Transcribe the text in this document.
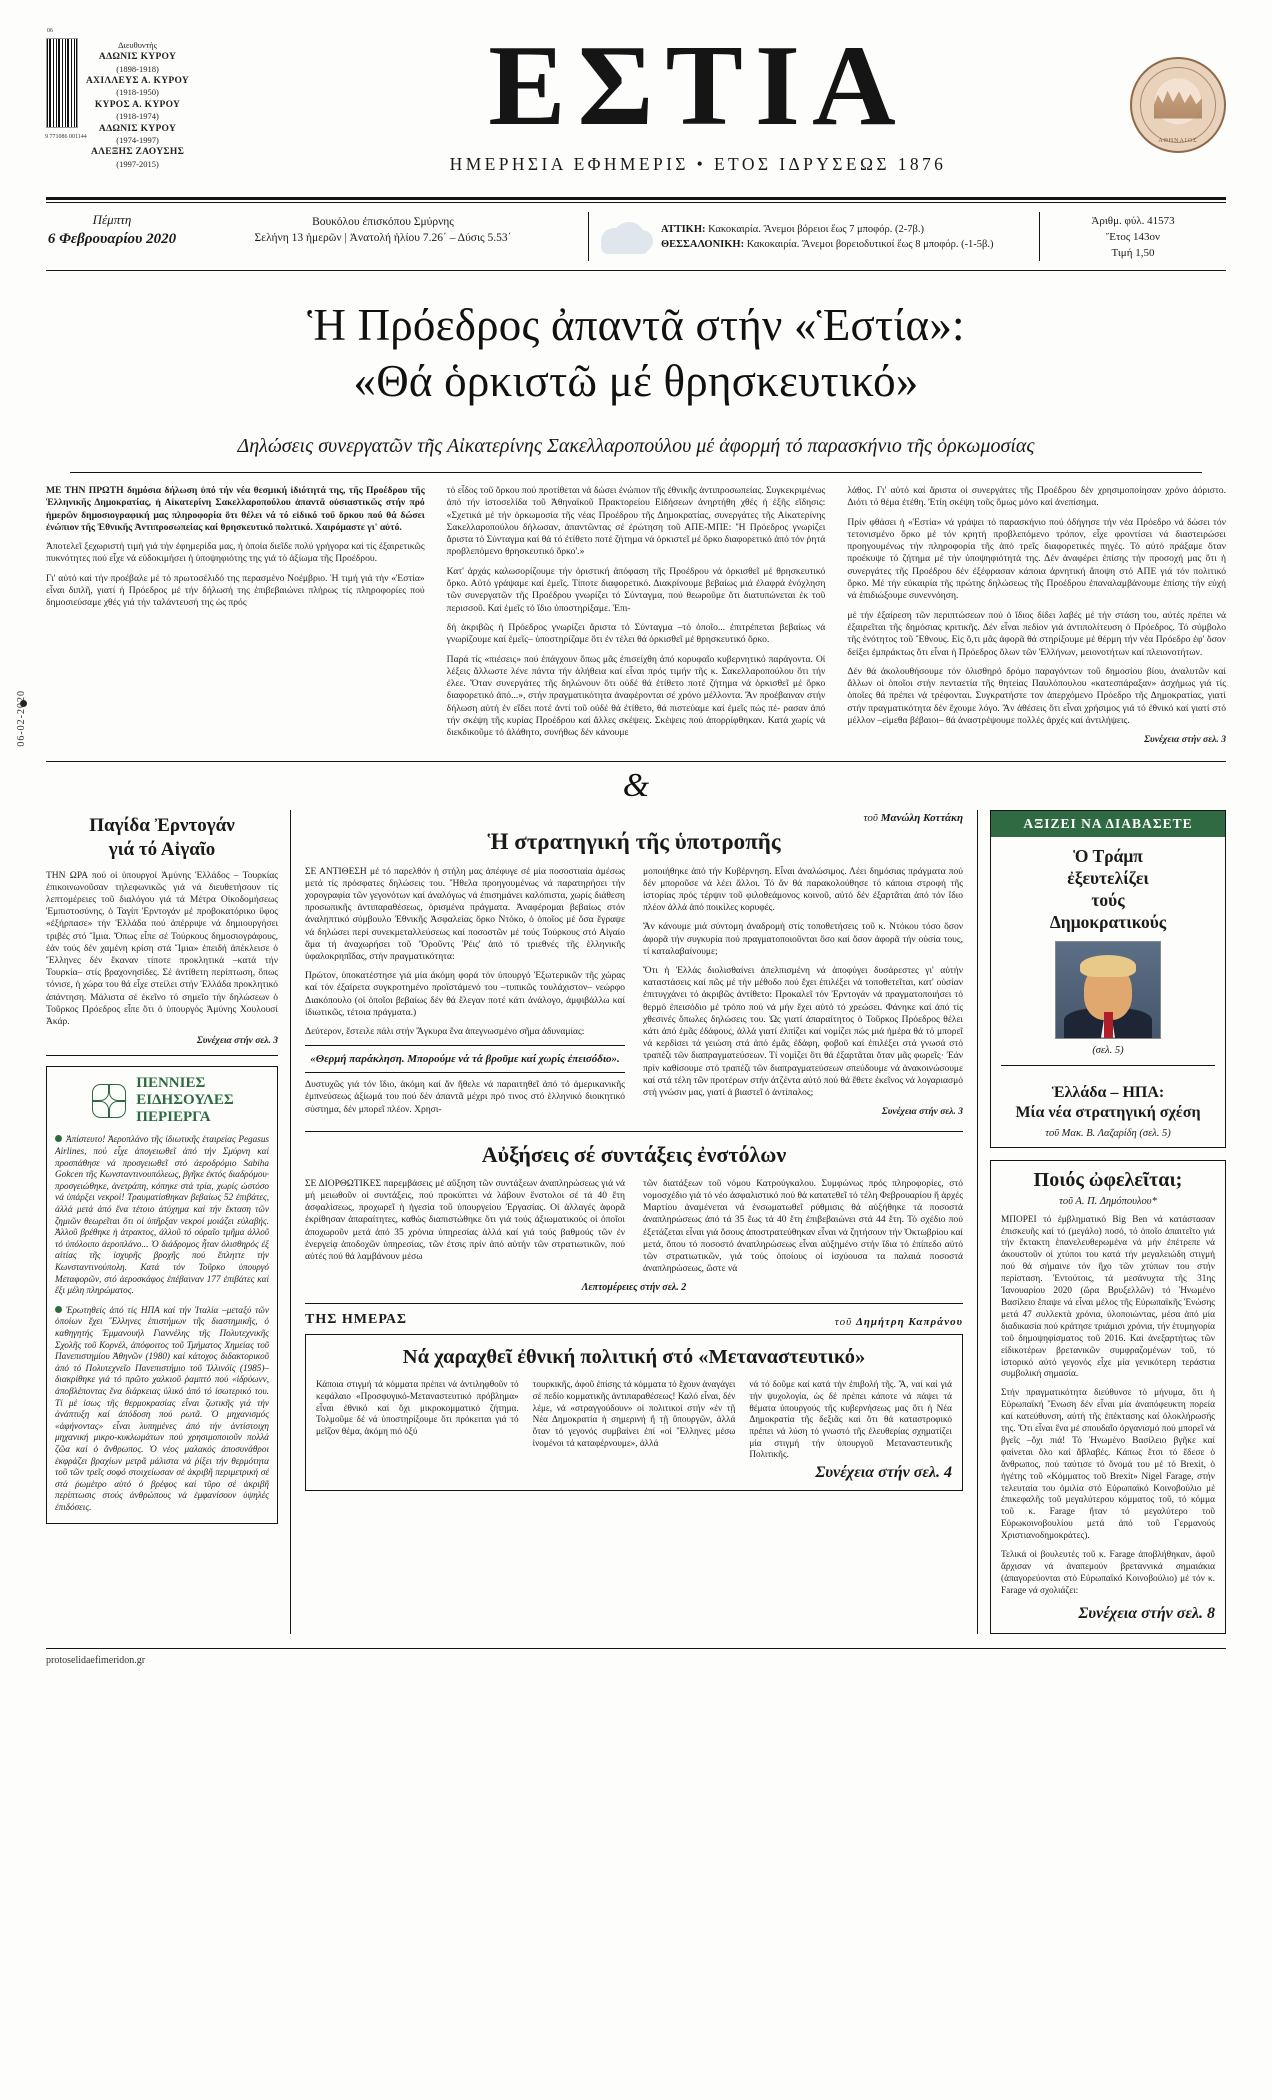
06-02-2020
06
9 771086 001144
Διευθυντής
ΑΔΩΝΙΣ ΚΥΡΟΥ
(1898-1918)
ΑΧΙΛΛΕΥΣ Α. ΚΥΡΟΥ
(1918-1950)
ΚΥΡΟΣ Α. ΚΥΡΟΥ
(1918-1974)
ΑΔΩΝΙΣ ΚΥΡΟΥ
(1974-1997)
ΑΛΕΞΗΣ ΖΑΟΥΣΗΣ
(1997-2015)
ΕΣΤΙΑ
ΗΜΕΡΗΣΙΑ ΕΦΗΜΕΡΙΣ • ΕΤΟΣ ΙΔΡΥΣΕΩΣ 1876
ΑΘΗΝΑΙΟΣ
Πέμπτη
6 Φεβρουαρίου 2020
Βουκόλου ἐπισκόπου Σμύρνης
Σελήνη 13 ἡμερῶν | Ἀνατολή ἡλίου 7.26΄ – Δύσις 5.53΄
ΑΤΤΙΚΗ: Κακοκαιρία. Ἄνεμοι βόρειοι ἕως 7 μποφόρ. (2-7β.)
ΘΕΣΣΑΛΟΝΙΚΗ: Κακοκαιρία. Ἄνεμοι βορειοδυτικοί ἕως 8 μποφόρ. (-1-5β.)
Ἀριθμ. φύλ. 41573
Ἔτος 143ον
Τιμή 1,50
Ἡ Πρόεδρος ἀπαντᾶ στήν «Ἑστία»:
«Θά ὁρκιστῶ μέ θρησκευτικό»
Δηλώσεις συνεργατῶν τῆς Αἰκατερίνης Σακελλαροπούλου μέ ἀφορμή τό παρασκήνιο τῆς ὁρκωμοσίας

ΜΕ ΤΗΝ ΠΡΩΤΗ δημόσια δήλωση ὑπό τήν νέα θεσμική ἰδιότητά της, τῆς Προέδρου τῆς Ἑλληνικῆς Δημοκρατίας, ἡ Αἰκατερίνη Σακελλαροπούλου ἀπαντᾶ οὐσιαστικῶς στήν πρό ἡμερῶν δημοσιογραφική μας πληροφορία ὅτι θέλει νά τό εἰδικό τοῦ ὅρκου πού θά δώσει ἐνώπιον τῆς Ἐθνικῆς Ἀντιπροσωπείας καί θρησκευτικό πολιτικό. Χαιρόμαστε γι' αὐτό.

Ἀποτελεῖ ξεχωριστή τιμή γιά τήν ἐφημερίδα μας, ἡ ὁποία διεῖδε πολύ γρήγορα καί τίς ἐξαιρετικῶς πυκνότητες πού εἶχε νά εὐδοκιμήσει ἡ ὑποψηφιότης της γιά τό ἀξίωμα τῆς Προέδρου.

Γι' αὐτό καί τήν προέβαλε μέ τό πρωτοσέλιδό της περασμένο Νοέμβριο. Ἡ τιμή γιά τήν «Ἑστία» εἶναι διπλῆ, γιατί ἡ Πρόεδρος μέ τήν δήλωσή της ἐπιβεβαιώνει πλήρως τίς πληροφορίες πού δημοσιεύσαμε χθές γιά τήν ταλάντευσή της ὡς πρός

τό εἶδος τοῦ ὅρκου πού προτίθεται νά δώσει ἐνώπιον τῆς ἐθνικῆς ἀντιπροσωπείας. Συγκεκριμένως ἀπό τήν ἱστοσελίδα τοῦ Ἀθηναϊκοῦ Πρακτορείου Εἰδήσεων ἀνηρτήθη χθές ἡ ἑξῆς εἴδησις: «Σχετικά μέ τήν ὁρκωμοσία τῆς νέας Προέδρου τῆς Δημοκρατίας, συνεργάτες τῆς Αἰκατερίνης Σακελλαροπούλου δήλωσαν, ἀπαντῶντας σέ ἐρώτηση τοῦ ΑΠΕ-ΜΠΕ: 'Ἡ Πρόεδρος γνωρίζει ἄριστα τό Σύνταγμα καί θά τό ἐτίθετο ποτέ ζήτημα νά ὁρκιστεῖ μέ ὅρκο διαφορετικό ἀπό τόν ῥητά προβλεπόμενο θρησκευτικό ὅρκο'.»

Κατ' ἀρχάς καλωσορίζουμε τήν ὁριστική ἀπόφαση τῆς Προέδρου νά ὁρκισθεῖ μέ θρησκευτικό ὅρκο. Αὐτό γράψαμε καί ἐμεῖς. Τίποτε διαφορετικό. Διακρίνουμε βεβαίως μιά ἐλαφρά ἐνόχληση τῶν συνεργατῶν τῆς Προέδρου γνωρίζει τό Σύνταγμα, πού θεωροῦμε ὅτι διατυπώνεται ἐκ τοῦ περισσοῦ. Καί ἐμεῖς τό ἴδιο ὑποστηρίξαμε. Ἐπι-

δή ἀκριβῶς ἡ Πρόεδρος γνωρίζει ἄριστα τό Σύνταγμα –τό ὁποῖο... ἐπιτρέπεται βεβαίως νά γνωρίζουμε καί ἐμεῖς– ὑποστηρίζαμε ὅτι ἐν τέλει θά ὁρκισθεῖ μέ θρησκευτικό ὅρκο.

Παρά τίς «πιέσεις» πού ἐπάγχουν ὅπως μᾶς ἐπισείχθη ἀπό κορυφαῖο κυβερνητικό παράγοντα. Οἱ λέξεις ἄλλωστε λένε πάντα τήν ἀλήθεια καί εἶναι πρός τιμήν τῆς κ. Σακελλαροπούλου ὅτι τήν ἐλεε. Ὅταν συνεργάτες τῆς δηλώνουν ὅτι οὐδέ θά ἐτίθετο ποτέ ζήτημα νά ὁρκισθεῖ μέ ὅρκο διαφορετικό ἀπό...», στήν πραγματικότητα ἀναφέρονται σέ χρόνο μέλλοντα. Ἄν προέβαιναν στήν δήλωση αὐτή ἐν εἴδει ποτέ ἀντί τοῦ οὐδέ θά ἐτίθετο, θά πιστεύαμε καί ἐμεῖς πώς πέ- ρασαν ἀπό τήν σκέψη τῆς κυρίας Προέδρου καί ἄλλες σκέψεις. Σκέψεις πού ἀπορρίφθηκαν. Κατά χωρίς νά διεκδικοῦμε τό ἀλάθητο, συνήθως δέν κάνουμε

λάθος. Γι' αὐτό καί ἄριστα οἱ συνεργάτες τῆς Προέδρου δέν χρησιμοποίησαν χρόνο ἀόριστο. Διότι τό θέμα ἐτέθη. Ἐτίη σκέψη τοῦς ὅμως μόνο καί ἀνεπίσημα.

Πρίν φθάσει ἡ «Ἑστία» νά γράψει τό παρασκήνιο πού ὁδήγησε τήν νέα Πρόεδρο νά δώσει τόν τετονισμένο ὅρκο μέ τόν κρητή προβλεπόμενο τρόπον, εἶχε φροντίσει νά διαστειρώσει προηγουμένως τήν πληροφορία τῆς ἀπό τρεῖς διαφορετικές πηγές. Τό αὐτό πράξαμε ὅταν προέκυψε τό ζήτημα μέ τήν ὑποψηφιότητά της. Δέν ἀναφέρει ἐπίσης τήν προσοχή μας ὅτι ἡ συνεργάτες τῆς Προέδρου δέν ἐξέφρασαν κάποια ἀρνητική ἄποψη στό ΑΠΕ γιά τόν πολιτικό ὅρκο. Μέ τήν εὐκαιρία τῆς πρώτης δηλώσεως τῆς Προέδρου ἐπαναλαμβάνουμε ἐπίσης τήν εὐχή νά ἐπιδιώξουμε συνεννόηση.

μέ τήν ἐξαίρεση τῶν περιπτώσεων πού ὁ ἴδιος δίδει λαβές μέ τήν στάση του, αὐτές πρέπει νά ἐξαιρεῖται τῆς δημόσιας κριτικῆς. Δέν εἶναι πεδίον γιά ἀντιπολίτευση ὁ Πρόεδρος. Τό σύμβολο τῆς ἑνότητος τοῦ Ἔθνους. Εἰς ὅ,τι μᾶς ἀφορᾶ θά στηρίξουμε μέ θέρμη τήν νέα Πρόεδρο ἐφ' ὅσον δείξει ἐμπράκτως ὅτι εἶναι ἡ Πρόεδρος ὅλων τῶν Ἑλλήνων, μειονοτήτων καί πλειονοτήτων.

Δέν θά ἀκολουθήσουμε τόν ὀλισθηρό δρόμο παραγόντων τοῦ δημοσίου βίου, ἀναλυτῶν καί ἄλλων οἱ ὁποῖοι στήν πενταετία τῆς θητείας Παυλόπουλου «κατεσπάραξαν» ἀσχήμως γιά τίς ὁποῖες θά πρέπει νά τρέφονται. Συγκρατήστε τον ἀπερχόμενο Πρόεδρο τῆς Δημοκρατίας, γιατί στήν πραγματικότητα δέν ἔχουμε λόγο. Ἄν ἀθέσεις ὅτι εἶναι χρήσιμος γιά τό ἐθνικό καί γιατί στό μέλλον –εἰμεθα βέβαιοι– θά ἀναστρέψουμε πολλές ἀρχές καί ἀντιλήψεις.

Συνέχεια στήν σελ. 3
&
Παγίδα Ἐρντογάν
γιά τό Αἰγαῖο

ΤΗΝ ΩΡΑ πού οἱ ὑπουργοί Ἀμύνης Ἑλλάδος – Τουρκίας ἐπικοινωνοῦσαν τηλεφωνικῶς γιά νά διευθετήσουν τίς λεπτομέρειες τοῦ διαλόγου γιά τά Μέτρα Οἰκοδομήσεως Ἐμπιστοσύνης, ὁ Ταγίπ Ἐρντογάν μέ προβοκατόρικο ὕφος «ἐξήρπασε» τήν Ἑλλάδα πού ἀπέρριψε νά δημιουργήσει τριβές στό Ἴμια. Ὅπως εἶπε σέ Τούρκους δημοσιογράφους, ἐάν τούς δέν χαμένη κρίση στά Ἴμια» ἐπειδή ἀπέκλεισε ὁ Ἕλληνες δέν ἔκαναν τίποτε προκλητικά –κατά τήν Τουρκία– στίς βραχονησίδες. Σέ ἀντίθετη περίπτωση, ὅπως τόνισε, ἡ χώρα του θά εἶχε στείλει στήν Ἑλλάδα προκλητικό ἀπάντηση. Μάλιστα σέ ἐκεῖνο τό σημεῖο τήν δηλώσεων ὁ Τοῦρκος Πρόεδρος εἶπε ὅτι ὁ ὑπουργός Ἀμύνης Χουλουσί Ἀκάρ.

Συνέχεια στήν σελ. 3
ΠΕΝΝΙΕΣ
ΕΙΔΗΣΟΥΛΕΣ
ΠΕΡΙΕΡΓΑ
Ἀπίστευτο! Ἀεροπλάνο τῆς ἰδιωτικῆς ἑταιρείας Pegasus Airlines, πού εἶχε ἀπογειωθεῖ ἀπό τήν Σμύρνη καί προσπάθησε νά προσγειωθεῖ στό ἀεροδρόμιο Sabiha Gokcen τῆς Κωνσταντινουπόλεως, βγῆκε ἐκτός διαδρόμου· προσγειώθηκε, ἀνετράπη, κόπηκε στά τρία, χωρίς ὡστόσο νά ὑπάρξει νεκροί! Τραυματίσθηκαν βεβαίως 52 ἐπιβάτες, ἀλλά μετά ἀπό ἕνα τέτοιο ἀτύχημα καί τήν ἔκταση τῶν ζημιῶν θεωρεῖται ὅτι οἱ ὑπῆρξαν νεκροί μοιάζει εὐλαβής. Ἀλλοῦ βρέθηκε ἡ ἀτρακτος, ἀλλοῦ τό οὐραῖο τμῆμα ἀλλοῦ τό ὑπόλοιπο ἀεροπλάνο... Ὁ διάδρομος ἦταν ὀλισθηρός ἐξ αἰτίας τῆς ἰσχυρῆς βροχῆς πού ἔπληττε τήν Κωνσταντινούπολη. Κατά τόν Τοῦρκο ὑπουργό Μεταφορῶν, στό ἀεροσκάφος ἐπέβαιναν 177 ἐπιβάτες καί ἕξι μέλη πληρώματος.
Ἐρωτηθείς ἀπό τίς ΗΠΑ καί τήν Ἰταλία –μεταξύ τῶν ὁποίων ἔχει Ἕλληνες ἐπιστήμων τῆς διαστημικῆς, ὁ καθηγητής Ἐμμανουήλ Γιαννέλης τῆς Πολυτεχνικῆς Σχολῆς τοῦ Κορνέλ, ἀπόφοιτος τοῦ Τμήματος Χημείας τοῦ Πανεπιστημίου Ἀθηνῶν (1980) καί κάτοχος διδακτορικοῦ ἀπό τό Πολυτεχνεῖο Πανεπιστήμιο τοῦ Ἰλλινόϊς (1985)– διακρίθηκε γιά τό πρῶτο χαλκιοῦ ῥαμπτό πού «ἰδρύωνν, ἀποβλέποντας ἕνα διάρκειας ὑλικό ἀπό τό ἰσωτερικό του. Τί μέ ἰσως τῆς θερμοκρασίας εἶναι ζωτικῆς γιά τήν ἀνάπτυξη καί ἀπόδοση πού ρωτᾶ. Ὁ μηχανισμός «ἀφήνοντας» εἶναι λυπημένες ἀπό τήν ἀντίστοιχη μηχανική μικρο-κυκλωμάτων πού χρησιμοποιοῦν πολλά ζῶα καί ὁ ἄνθρωπος. Ὁ νέος μαλακός ἀποσυνάθροι ἐκφράζει βραχίων μετρᾶ μάλιστα νά ῥίξει τήν θερμότητα τοῦ τῶν τρεῖς σοφό στοιχείωσαν σέ ἀκριβῆ περιμετρική σέ στά ῥωμέτρο αὐτό ὁ βρέφος καί τῦρο σέ ἀκριβῆ περίπτωσις στούς ἀνθρώπους νά ἐμφανίσουν ὑψηλές ἐπιδόσεις.
τοῦ Μανώλη Κοττάκη
Ἡ στρατηγική τῆς ὑποτροπῆς

ΣΕ ΑΝΤΙΘΕΣΗ μέ τό παρελθόν ἡ στήλη μας ἀπέφυγε σέ μία ποσοστιαία ἀμέσως μετά τίς πρόσφατες δηλώσεις του. Ἤθελα προηγουμένως νά παρατηρήσει τήν χορογραφία τῶν γεγονότων καί ἀναλόγως νά ἐπισημάνει καλόπιστα, χωρίς διάθεση προσωπικῆς ἀντιπαραθέσεως, ὁρισμένα πράγματα. Ἀναφέρομαι βεβαίως στόν ἀναληπτικό σύμβουλο Ἐθνικῆς Ἀσφαλείας ὅρκο Ντόκο, ὁ ὁποῖος μέ ὅσα ἔγραψε νά δηλώσει περί συνεκμεταλλεύσεως καί ποσοστῶν μέ τούς Τούρκους στό Αἰγαίο ἅμα τή ἀναχωρήσει τοῦ 'Ὁροῦντς Ῥέις' ἀπό τό τριεθνές τῆς ἑλληνικῆς ὑφαλοκρηπῖδας, στήν πραγματικότητα:

Πρώτον, ὑποκατέστησε γιά μία ἀκόμη φορά τόν ὑπουργό Ἐξωτερικῶν τῆς χώρας καί τόν ἐξαίρετα συγκροτημένο προϊστάμενό του –τυπικῶς τουλάχιστον– νεώρφο Διακόπουλο (οἱ ὁποῖοι βεβαίως δέν θά ἔλεγαν ποτέ κάτι ἀνάλογο, ἀμφιβάλλω καί ἰδιωτικῶς, τέτοια πράγματα.)

Δεύτερον, ἔστειλε πάλι στήν Ἄγκυρα ἕνα ἀπεγνωσμένο σῆμα ἀδυναμίας:

«Θερμή παράκληση. Μπορούμε νά τά βροῦμε καί χωρίς ἐπεισόδιο».

Δυστυχῶς γιά τόν ἴδιο, ἀκόμη καί ἄν ἤθελε νά παραιτηθεῖ ἀπό τό ἀμερικανικῆς ἐμπνεύσεως ἀξίωμά του πού δέν ἀπαντᾶ μέχρι πρό τινος στό ἑλληνικό διοικητικό σύστημα, δέν μπορεῖ πλέον. Χρησι-

μοποιήθηκε ἀπό τήν Κυβέρνηση. Εἶναι ἀναλώσιμος. Λέει δημόσιας πράγματα πού δέν μποροῦσε νά λέει ἄλλοι. Τό ἄν θά παρακολούθησε τό κάποια στροφή τῆς ἱστορίας πρός τέρψιν τοῦ φιλοθεάμονος κοινοῦ, αὐτό δέν ἐξαρτᾶται ἀπό τόν ἴδιο πλέον ἀλλά ἀπό ποικίλες κορυφές.

Ἄν κάνουμε μιά σύντομη ἀναδρομή στίς τοποθετήσεις τοῦ κ. Ντόκου τόσο ὅσον ἀφορᾶ τήν συγκυρία πού πραγματοποιοῦνται ὅσο καί ὅσον ἀφορᾶ τήν οὐσία τους, τί καταλαβαίνουμε;

Ὅτι ἡ Ἑλλάς διολισθαίνει ἀπελπισμένη νά ἀποφύγει δυσάρεστες γι' αὐτήν καταστάσεις καί πῶς μέ τήν μέθοδο πού ἔχει ἐπιλέξει νά τοποθετεῖται, κατ' οὐσίαν ἐπιτυγχάνει τό ἀκριβῶς ἀντίθετο: Προκαλεῖ τόν Ἐρντογάν νά πραγματοποιήσει τό θερμό ἐπεισόδιο μέ τρόπο πού νά μήν ἔχει αὐτό τό χρεώσει. Φάνηκε καί ἀπό τίς χθεσινές ὅπωλες δηλώσεις του. Ὡς γιατί ἀπαραίτητος ὁ Τοῦρκος Πρόεδρος θέλει κάτι ἀπό ἐμᾶς ἐδάφους, ἀλλά γιατί ἐλπίζει καί νομίζει πώς μιά ἡμέρα θά τό μπορεῖ νά κερδίσει τά γειώση στά ἀπό ἐμᾶς ἐδάφη, φοβοῦ καί ἐπιλέξει στά γνωσά στό τραπέζι τῶν διαπραγματεύσεων. Τί νομίζει ὅτι θά ἐξαρτᾶται ὅταν μᾶς φωρεῖς· Ἐάν πρίν καθίσουμε στό τραπέζι τῶν διαπραγματεύσεων σπεύδουμε νά ἀνακοινώσουμε καί στά τέλη τῶν προτέρων στήν ἀτζέντα αὐτό πού θά ἔθετε ἐκεῖνος νά λογαριασμό στή γνώσιν μας, γιατί ἀ βιαστεῖ ὁ ἀντίπαλος;

Συνέχεια στήν σελ. 3
Αὐξήσεις σέ συντάξεις ἐνστόλων

ΣΕ ΔΙΟΡΘΩΤΙΚΕΣ παρεμβάσεις μέ αὔξηση τῶν συντάξεων ἀναπληρώσεως γιά νά μή μειωθοῦν οἱ συντάξεις, πού προκύπτει νά λάβουν ἕνστολοι σέ τά 40 ἔτη ἀσφαλίσεως, προχωρεῖ ἡ ἡγεσία τοῦ ὑπουργείου Ἐργασίας. Οἱ ἀλλαγές ἀφορᾶ ἐκρίθησαν ἀπαραίτητες, καθώς διαπιστώθηκε ὅτι γιά τούς ἀξιωματικούς οἱ ὁποῖοι ἀποχωροῦν μετά ἀπό 35 χρόνια ὑπηρεσίας ἀλλά καί γιά τούς βαθμούς τῶν ἐν ἐνεργείᾳ ἀποδοχῶν ὑπηρεσίας, τῶν ἐτσις πρίν ἀπό αὐτήν τῶν στρατιωτικῶν, πού αὐτές πού θά λαμβάνουν μέσω

τῶν διατάξεων τοῦ νόμου Κατρούγκαλου. Συμφώνως πρός πληροφορίες, στό νομοσχέδιο γιά τό νέο ἀσφαλιστικό πού θά κατατεθεῖ τό τέλη Φεβρουαρίου ἤ ἀρχές Μαρτίου ἀναμένεται νά ἐνσωματωθεῖ ρύθμισις θά αὐξήθηκε τά ποσοστά ἀναπληρώσεως ἀπό τά 35 ἕως τά 40 ἔτη ἐπιβεβαιώνει στά 44 ἔτη. Τό σχέδιο πού ἐξετάζεται εἶναι γιά ὅσους ἀποστρατεύθηκαν εἶναι νά ζητήσουν τήν Ὀκτωβρίου καί μετά, ὅπου τό ποσοστό ἀναπληρώσεως εἶναι αὐξημένο στήν ἴδια τό ἐπίπεδο αὐτό τῶν στρατιωτικῶν, γιά τούς ὁποίους οἱ ἰσχύουσα τα παλαιά ποσοστά ἀναπληρώσεως, ὥστε νά

Λεπτομέρειες στήν σελ. 2
ΤΗΣ ΗΜΕΡΑΣ	τοῦ Δημήτρη Καπράνου
Νά χαραχθεῖ ἐθνική πολιτική στό «Μεταναστευτικό»

Κάποια στιγμή τά κόμματα πρέπει νά ἀντιληφθοῦν τό κεφάλαιο «Προσφυγικό-Μεταναστευτικό πρόβλημα» εἶναι ἐθνικό καί ὄχι μικροκομματικό ζήτημα. Τολμοῦμε δέ νά ὑποστηρίξουμε ὅτι πρόκειται γιά τό μεῖζον θέμα, ἀκόμη πιό ὀξύ

τουρκικῆς, ἀφοῦ ἐπίσης τά κόμματα τό ἔχουν ἀναγάγει σέ πεδίο κομματικῆς ἀντιπαραθέσεως! Καλό εἶναι, δέν λέμε, νά «στραγγούδουν» οἱ πολιτικοί στήν «ἐν τῇ Νέα Δημοκρατία ἡ σημερινή ἤ τῇ ὕπουργῶν, ἀλλά ὅταν τό γεγονός συμβαίνει ἐπί «οἱ Ἕλληνες μέσω ἰνομένοι τά καταφέρνουμε», ἀλλά

νά τό δοῦμε καί κατά τήν ἐπιβολή τῆς. Ἄ, ναί καί γιά τήν ψυχολογία, ὡς δέ πρέπει κάποτε νά πάψει τά θέματα ὑπουργούς τῆς κυβερνήσεως μας ὅτι ἡ Νέα Δημοκρατία τῆς δεξιᾶς καί ὅτι θά καταστροφικό πρέπει νά λύση τό γνωστό τῆς ἐλευθερίας σχηματίζει μία στιγμή τήν ὑπουργοῦ Μεταναστευτικῆς Πολιτικῆς.

Συνέχεια στήν σελ. 4
ΑΞΙΖΕΙ ΝΑ ΔΙΑΒΑΣΕΤΕ
Ὁ Τράμπ
ἐξευτελίζει
τούς
Δημοκρατικούς
(σελ. 5)
Ἑλλάδα – ΗΠΑ:
Μία νέα στρατηγική σχέση
τοῦ Μακ. Β. Λαζαρίδη (σελ. 5)
Ποιός ὠφελεῖται;
τοῦ Α. Π. Δημόπουλου*

ΜΠΟΡΕΙ τό ἐμβληματικό Big Ben νά κατάστασαν ἐπισκευῆς καί τό (μεγάλο) ποσό, τό ὁποῖο ἀπαιτεῖτο γιά τήν ἔκτακτη ἐπανελευθερωμένα νά μήν ἐπέτρεπε νά ἀκουστοῦν οἱ χτύποι του κατά τήν μεγαλειώδη στιγμή πού θά σήμαινε τόν ἥχο τῶν χτύπων του στήν περίσταση. Ἐντούτοις, τά μεσάνυχτα τῆς 31ης Ἰανουαρίου 2020 (ὥρα Βρυξελλῶν) τό Ἡνωμένο Βασίλειο ἔπαψε νά εἶναι μέλος τῆς Εὐρωπαϊκῆς Ἑνώσης μετά 47 συλλεκτὰ χρόνια, ὑλοποιώντας, μέσα ἀπό μία διαδικασία πού κράτησε τριάμισι χρόνια, τήν ἑτυμηγορία τοῦ δημοψηφίσματος τοῦ 2016. Καί ἀνεξαρτήτως τῶν εἰδικοτέρων βρετανικῶν συμφραζομένων τοῦ, τό ἱστορικό αὐτό γεγονός εἶχε μία γενικότερη τεράστια συμβολική σημασία.

Στήν πραγματικότητα διεύθυνσε τό μήνυμα, ὅτι ἡ Εὐρωπαϊκή Ἕνωση δέν εἶναι μία ἀναπόφευκτη πορεία καί κατεύθυνση, αὐτή τῆς ἐπέκτασης καί ὁλοκλήρωσής της. Ὅτι εἶναι ἕνα μέ σπουδαῖο ὀργανισμό πού μπορεῖ νά βγεῖς –ὄχι πιά! Τό Ἡνωμένο Βασίλειο βγῆκε καί φαίνεται ὅλο καί ἄβλαβές. Κάπως ἔτσι τό ἔδεσε ὁ ἄνθρωπος, πού ταύτισε τό ὄνομά του μέ τό Brexit, ὁ ἡγέτης τοῦ «Κόμματος τοῦ Brexit» Nigel Farage, στήν τελευταία του ὁμιλία στό Εὐρωπαϊκό Κοινοβούλιο μέ ἐπικεφαλῆς τοῦ μεγαλύτερου κόμματος τοῦ, τό κόμμα τοῦ κ. Farage ἤταν τό μεγαλύτερο τοῦ Εὐρωκοινοβουλίου μετά ἀπό τοῦ Γερμανούς Χριστιανοδημοκράτες).

Τελικά οἱ βουλευτές τοῦ κ. Farage ἀποβλήθηκαν, ἀφοῦ ἄρχισαν νά ἀναπεμούν βρεταννικά σημαιάκια (ἀπαγορεύονται στό Εὐρωπαϊκό Κοινοβούλιο) μέ τόν κ. Farage νά σχολιάζει:

Συνέχεια στήν σελ. 8
protoselidaefimeridon.gr
